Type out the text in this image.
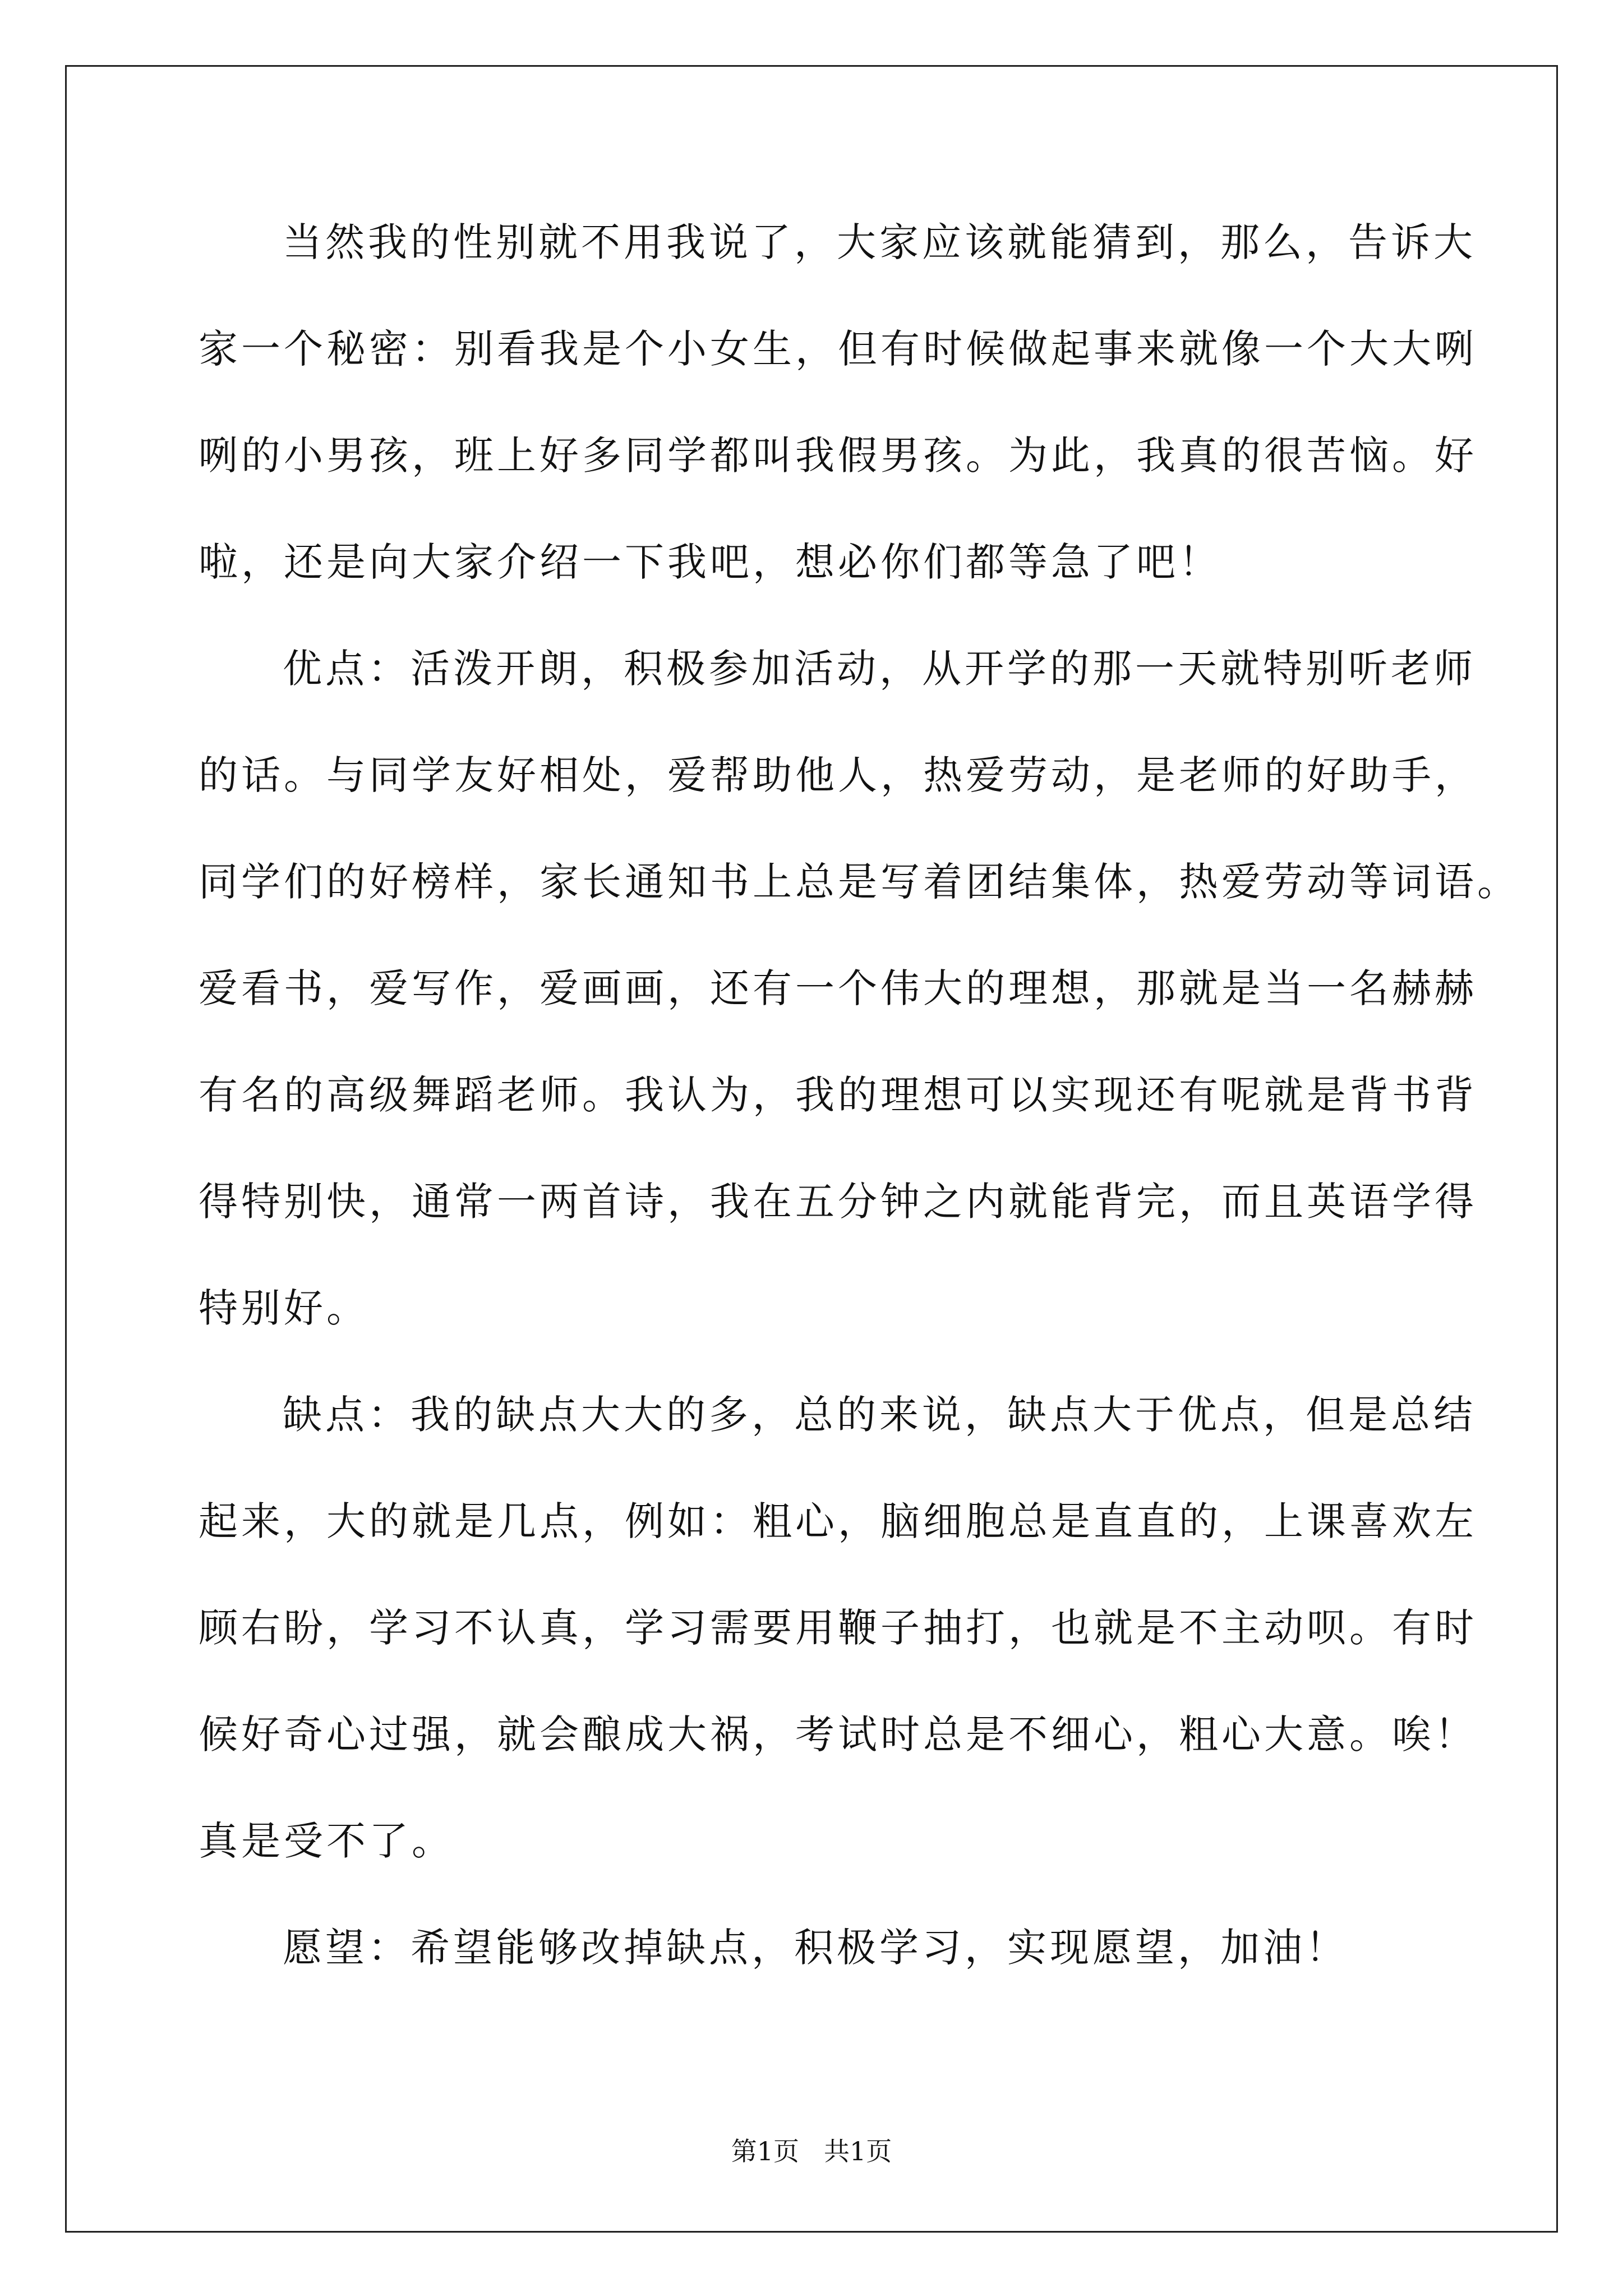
当然我的性别就不用我说了，大家应该就能猜到，那么，告诉大
家一个秘密：别看我是个小女生，但有时候做起事来就像一个大大咧
咧的小男孩，班上好多同学都叫我假男孩。为此，我真的很苦恼。好
啦，还是向大家介绍一下我吧，想必你们都等急了吧！
优点：活泼开朗，积极参加活动，从开学的那一天就特别听老师
的话。与同学友好相处，爱帮助他人，热爱劳动，是老师的好助手，
同学们的好榜样，家长通知书上总是写着团结集体，热爱劳动等词语。
爱看书，爱写作，爱画画，还有一个伟大的理想，那就是当一名赫赫
有名的高级舞蹈老师。我认为，我的理想可以实现还有呢就是背书背
得特别快，通常一两首诗，我在五分钟之内就能背完，而且英语学得
特别好。
缺点：我的缺点大大的多，总的来说，缺点大于优点，但是总结
起来，大的就是几点，例如：粗心，脑细胞总是直直的，上课喜欢左
顾右盼，学习不认真，学习需要用鞭子抽打，也就是不主动呗。有时
候好奇心过强，就会酿成大祸，考试时总是不细心，粗心大意。唉！
真是受不了。
愿望：希望能够改掉缺点，积极学习，实现愿望，加油！
第1页 共1页
